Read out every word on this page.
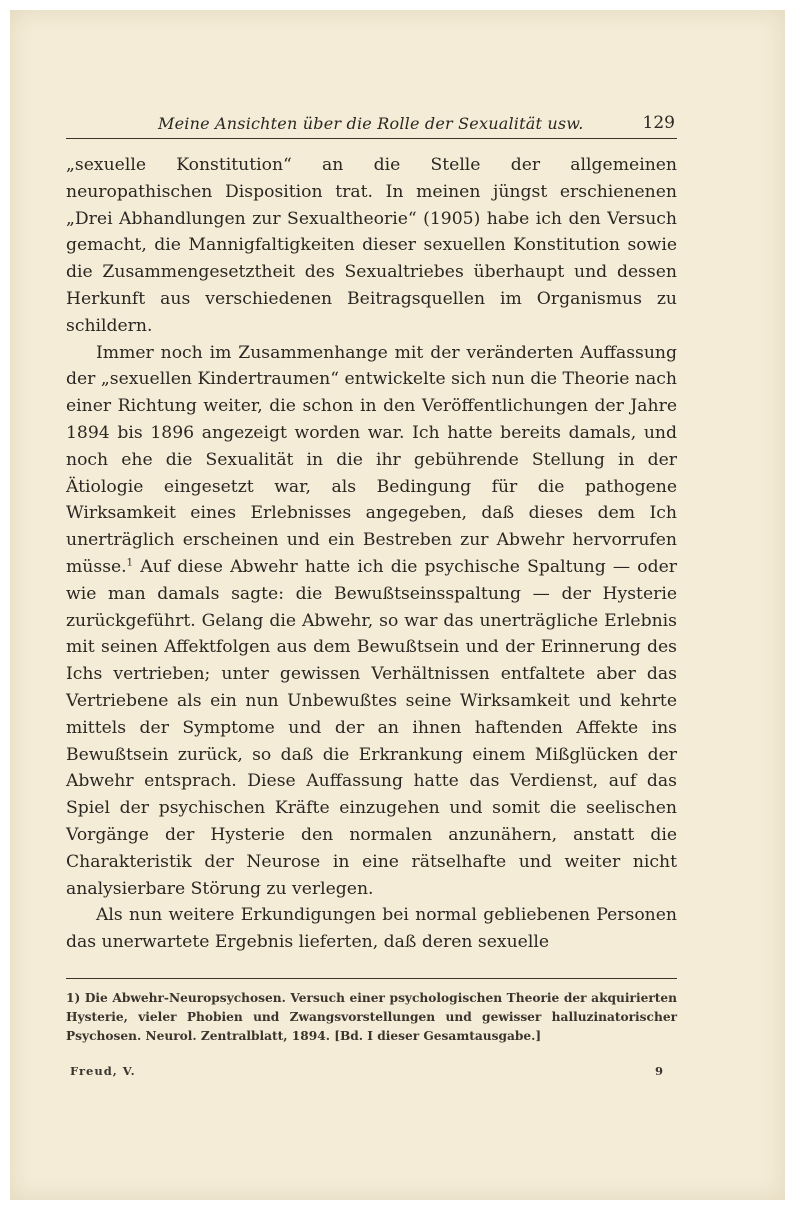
Meine Ansichten über die Rolle der Sexualität usw.	129

„sexuelle Konstitution“ an die Stelle der allgemeinen neuropathischen Disposition trat. In meinen jüngst erschienenen „Drei Abhandlungen zur Sexualtheorie“ (1905) habe ich den Versuch gemacht, die Mannigfaltigkeiten dieser sexuellen Konstitution sowie die Zusammengesetztheit des Sexualtriebes überhaupt und dessen Herkunft aus verschiedenen Beitragsquellen im Organismus zu schildern.

Immer noch im Zusammenhange mit der veränderten Auffassung der „sexuellen Kindertraumen“ entwickelte sich nun die Theorie nach einer Richtung weiter, die schon in den Veröffentlichungen der Jahre 1894 bis 1896 angezeigt worden war. Ich hatte bereits damals, und noch ehe die Sexualität in die ihr gebührende Stellung in der Ätiologie eingesetzt war, als Bedingung für die pathogene Wirksamkeit eines Erlebnisses angegeben, daß dieses dem Ich unerträglich erscheinen und ein Bestreben zur Abwehr hervorrufen müsse.$^1$ Auf diese Abwehr hatte ich die psychische Spaltung — oder wie man damals sagte: die Bewußtseinsspaltung — der Hysterie zurückgeführt. Gelang die Abwehr, so war das unerträgliche Erlebnis mit seinen Affektfolgen aus dem Bewußtsein und der Erinnerung des Ichs vertrieben; unter gewissen Verhältnissen entfaltete aber das Vertriebene als ein nun Unbewußtes seine Wirksamkeit und kehrte mittels der Symptome und der an ihnen haftenden Affekte ins Bewußtsein zurück, so daß die Erkrankung einem Mißglücken der Abwehr entsprach. Diese Auffassung hatte das Verdienst, auf das Spiel der psychischen Kräfte einzugehen und somit die seelischen Vorgänge der Hysterie den normalen anzunähern, anstatt die Charakteristik der Neurose in eine rätselhafte und weiter nicht analysierbare Störung zu verlegen.

Als nun weitere Erkundigungen bei normal gebliebenen Personen das unerwartete Ergebnis lieferten, daß deren sexuelle

1) Die Abwehr-Neuropsychosen. Versuch einer psychologischen Theorie der akquirierten Hysterie, vieler Phobien und Zwangsvorstellungen und gewisser halluzinatorischer Psychosen. Neurol. Zentralblatt, 1894. [Bd. I dieser Gesamtausgabe.]
Freud, V.	9
